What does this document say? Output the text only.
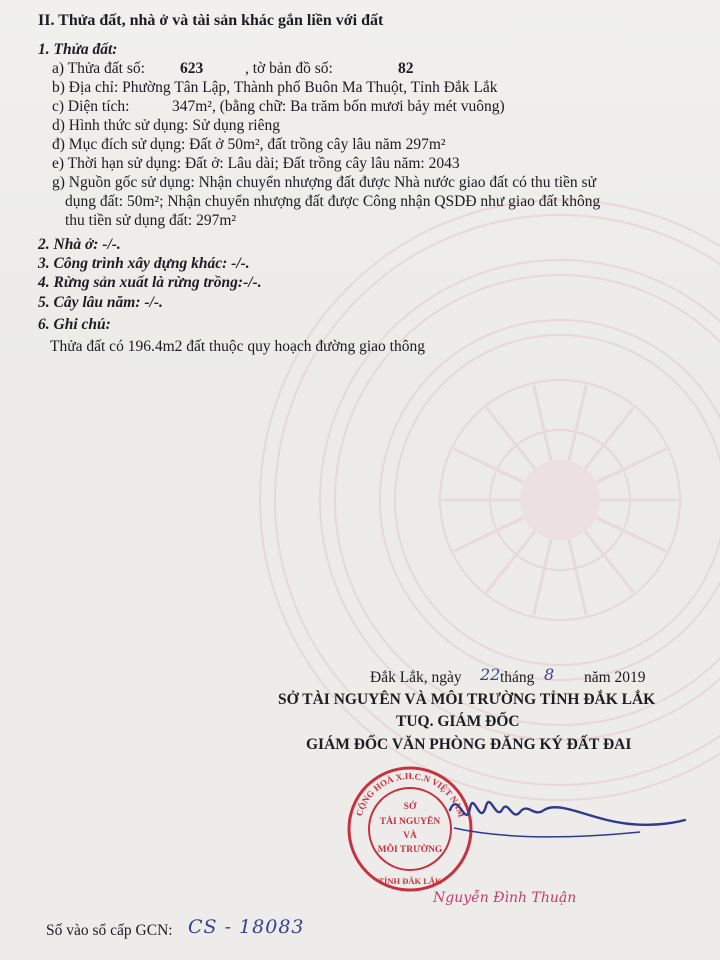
II. Thửa đất, nhà ở và tài sản khác gắn liền với đất
1. Thửa đất:
a) Thửa đất số: 623	, tờ bản đồ số:	82
b) Địa chỉ: Phường Tân Lập, Thành phố Buôn Ma Thuột, Tỉnh Đắk Lắk
c) Diện tích:	347m², (bằng chữ: Ba trăm bốn mươi bảy mét vuông)
d) Hình thức sử dụng: Sử dụng riêng
đ) Mục đích sử dụng: Đất ở 50m², đất trồng cây lâu năm 297m²
e) Thời hạn sử dụng: Đất ở: Lâu dài; Đất trồng cây lâu năm: 2043
g) Nguồn gốc sử dụng: Nhận chuyển nhượng đất được Nhà nước giao đất có thu tiền sử
dụng đất: 50m²; Nhận chuyển nhượng đất được Công nhận QSDĐ như giao đất không
thu tiền sử dụng đất: 297m²
2. Nhà ở: -/-.
3. Công trình xây dựng khác: -/-.
4. Rừng sản xuất là rừng trồng:-/-.
5. Cây lâu năm: -/-.
6. Ghi chú:
Thửa đất có 196.4m2 đất thuộc quy hoạch đường giao thông
Đắk Lắk, ngày 22 tháng 8 năm 2019
SỞ TÀI NGUYÊN VÀ MÔI TRƯỜNG TỈNH ĐẮK LẮK
TUQ. GIÁM ĐỐC
GIÁM ĐỐC VĂN PHÒNG ĐĂNG KÝ ĐẤT ĐAI
CỘNG HOÀ X.H.C.N VIỆT NAM
TỈNH ĐẮK LẮK
SỞ
TÀI NGUYÊN
VÀ
MÔI TRƯỜNG
Nguyễn Đình Thuận
Số vào sổ cấp GCN: CS - 18083
